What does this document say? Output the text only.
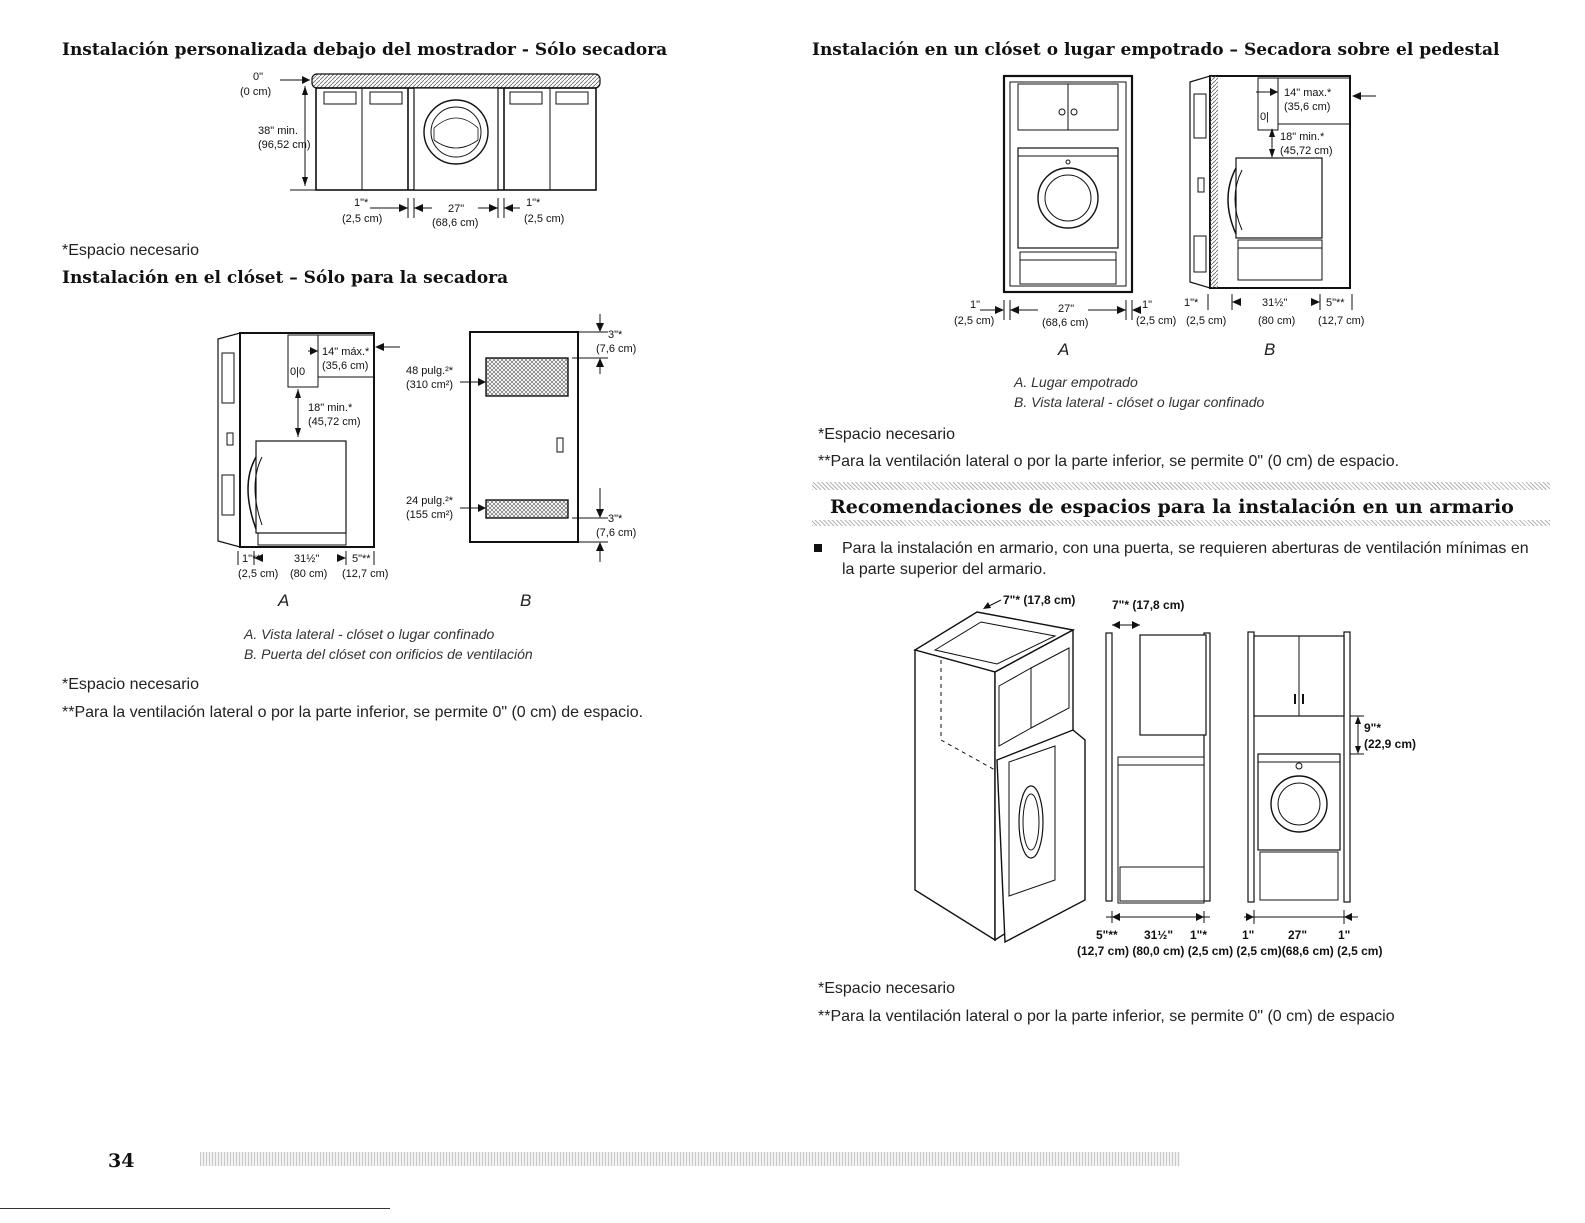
Instalación personalizada debajo del mostrador - Sólo secadora
0"
(0 cm)
38" min.
(96,52 cm)
1"*
(2,5 cm)
27"
(68,6 cm)
1"*
(2,5 cm)
*Espacio necesario
Instalación en el clóset – Sólo para la secadora
0|0
14" máx.*
(35,6 cm)
18" min.*
(45,72 cm)
1"**	31½"	5"**
(2,5 cm) (80 cm) (12,7 cm)
48 pulg.²*
(310 cm²)
24 pulg.²*
(155 cm²)
3"*
(7,6 cm)
3"*
(7,6 cm)
A	B
A. Vista lateral - clóset o lugar confinado
B. Puerta del clóset con orificios de ventilación
*Espacio necesario
**Para la ventilación lateral o por la parte inferior, se permite 0" (0 cm) de espacio.
34
Instalación en un clóset o lugar empotrado – Secadora sobre el pedestal
1"
(2,5 cm)
27"
(68,6 cm)
1"
(2,5 cm)
0|
14" max.*
(35,6 cm)
18" min.*
(45,72 cm)
1"*	31½"	5"**
(2,5 cm)	(80 cm) (12,7 cm)
A	B
A. Lugar empotrado
B. Vista lateral - clóset o lugar confinado
*Espacio necesario
**Para la ventilación lateral o por la parte inferior, se permite 0" (0 cm) de espacio.
Recomendaciones de espacios para la instalación en un armario
Para la instalación en armario, con una puerta, se requieren aberturas de ventilación mínimas en la parte superior del armario.
7"* (17,8 cm)	7"* (17,8 cm)
5"** 31½" 1"*
9"*
(22,9 cm)
1"	27"	1"
(12,7 cm) (80,0 cm) (2,5 cm) (2,5 cm)(68,6 cm) (2,5 cm)
*Espacio necesario
**Para la ventilación lateral o por la parte inferior, se permite 0" (0 cm) de espacio
